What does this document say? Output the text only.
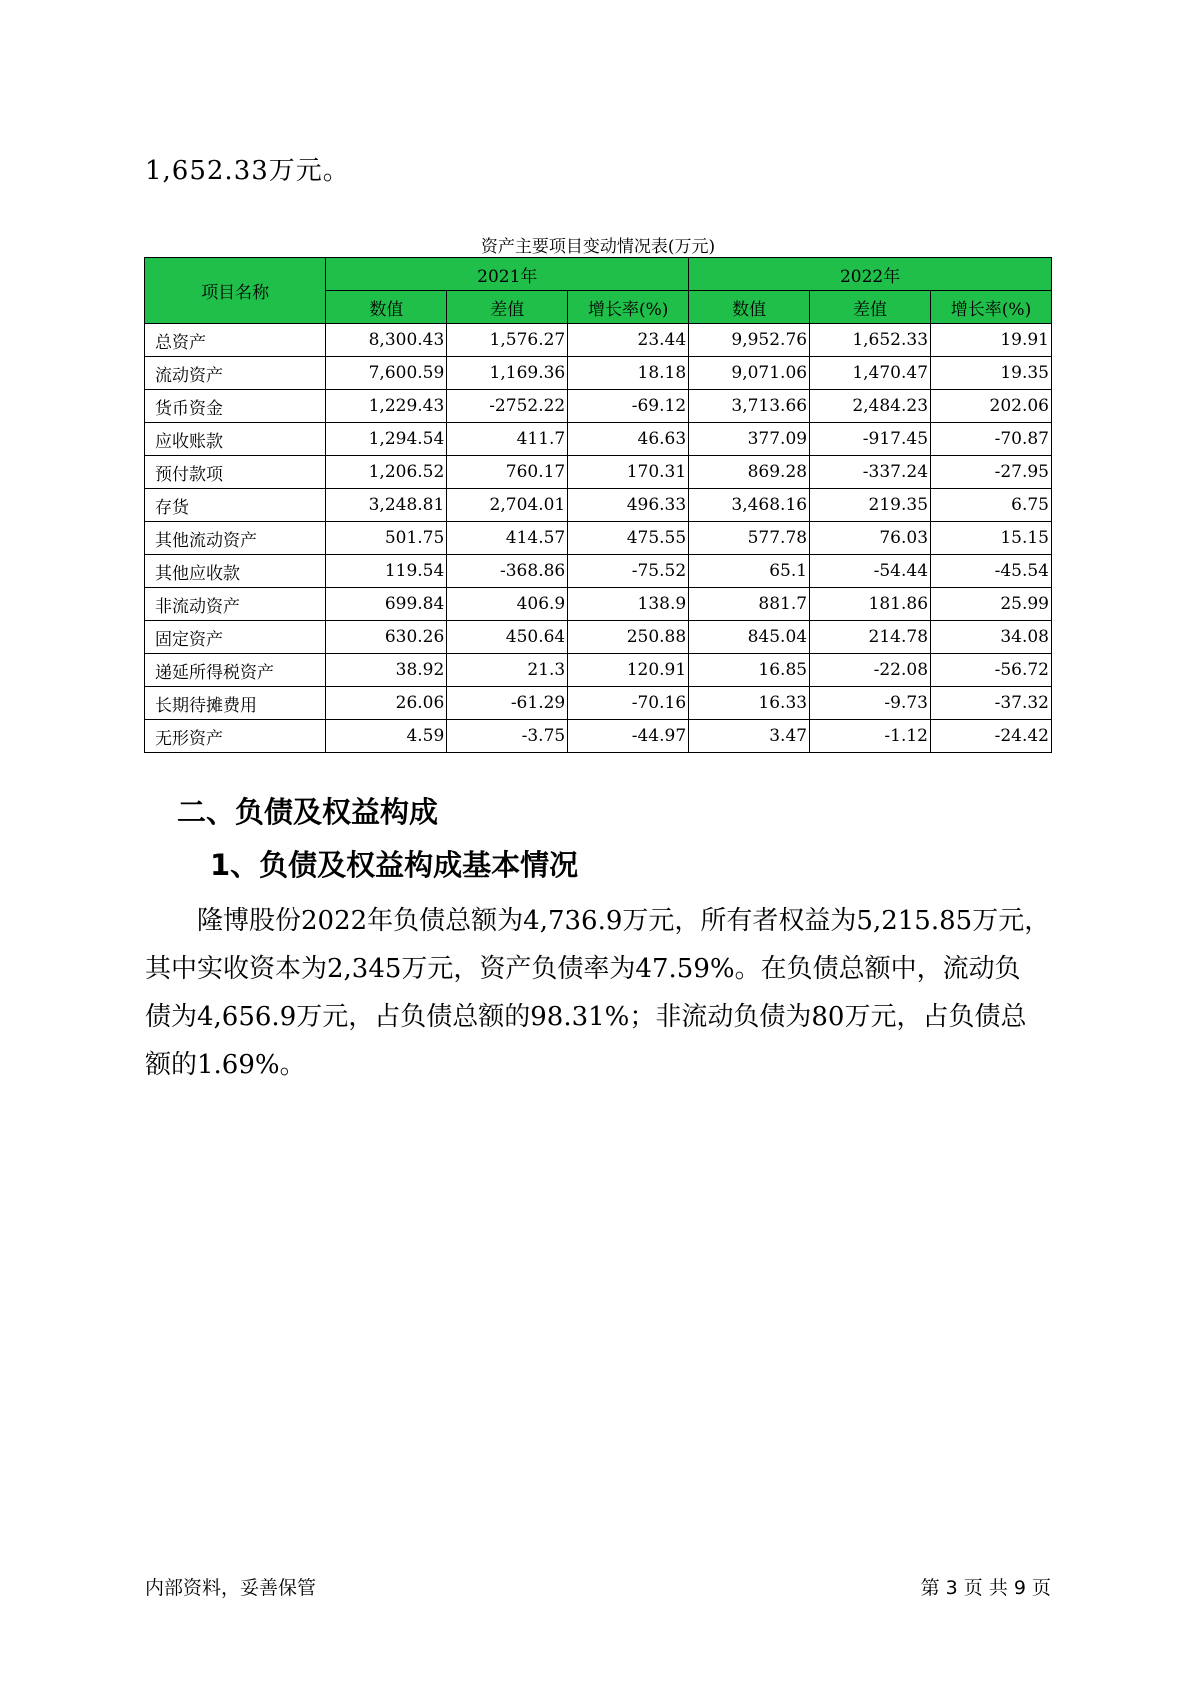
1,652.33万元。
资产主要项目变动情况表(万元)
项目名称	2021年			2022年		
	数值	差值	增长率(%)	数值	差值	增长率(%)
总资产	8,300.43	1,576.27	23.44	9,952.76	1,652.33	19.91
流动资产	7,600.59	1,169.36	18.18	9,071.06	1,470.47	19.35
货币资金	1,229.43	-2752.22	-69.12	3,713.66	2,484.23	202.06
应收账款	1,294.54	411.7	46.63	377.09	-917.45	-70.87
预付款项	1,206.52	760.17	170.31	869.28	-337.24	-27.95
存货	3,248.81	2,704.01	496.33	3,468.16	219.35	6.75
其他流动资产	501.75	414.57	475.55	577.78	76.03	15.15
其他应收款	119.54	-368.86	-75.52	65.1	-54.44	-45.54
非流动资产	699.84	406.9	138.9	881.7	181.86	25.99
固定资产	630.26	450.64	250.88	845.04	214.78	34.08
递延所得税资产	38.92	21.3	120.91	16.85	-22.08	-56.72
长期待摊费用	26.06	-61.29	-70.16	16.33	-9.73	-37.32
无形资产	4.59	-3.75	-44.97	3.47	-1.12	-24.42
二、负债及权益构成
1、负债及权益构成基本情况
隆博股份2022年负债总额为4,736.9万元，所有者权益为5,215.85万元，
其中实收资本为2,345万元，资产负债率为47.59%。在负债总额中，流动负
债为4,656.9万元，占负债总额的98.31%；非流动负债为80万元，占负债总
额的1.69%。
内部资料，妥善保管	第 3 页 共 9 页
